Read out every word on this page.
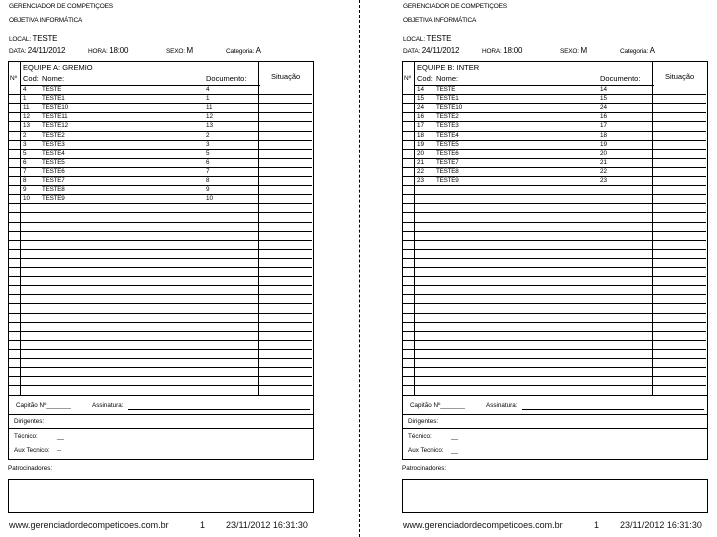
GERENCIADOR DE COMPETIÇOES
OBJETIVA INFORMÁTICA
LOCAL: TESTE
DATA: 24/11/2012	HORA: 18:00	SEXO: M	Categoria: A
EQUIPE A: GREMIO
Nº Cod: Nome:	Documento:	Situação
4 TESTE	4
1 TESTE1	1
11 TESTE10	11
12 TESTE11	12
13 TESTE12	13
2 TESTE2	2
3 TESTE3	3
5 TESTE4	5
6 TESTE5	6
7 TESTE6	7
8 TESTE7	8
9 TESTE8	9
10 TESTE9	10
Capitão Nº_______	Assinatura:
Dirigentes:
Técnico:	__
Aux Tecnico: --
Patrocinadores:
www.gerenciadordecompeticoes.com.br	1 23/11/2012 16:31:30
GERENCIADOR DE COMPETIÇOES
OBJETIVA INFORMÁTICA
LOCAL: TESTE
DATA: 24/11/2012	HORA: 18:00	SEXO: M	Categoria: A
EQUIPE B: INTER
Nº Cod: Nome:	Documento:	Situação
14 TESTE	14
15 TESTE1	15
24 TESTE10	24
16 TESTE2	16
17 TESTE3	17
18 TESTE4	18
19 TESTE5	19
20 TESTE6	20
21 TESTE7	21
22 TESTE8	22
23 TESTE9	23
Capitão Nº_______	Assinatura:
Dirigentes:
Técnico:	__
Aux Tecnico: __
Patrocinadores:
www.gerenciadordecompeticoes.com.br	1 23/11/2012 16:31:30
